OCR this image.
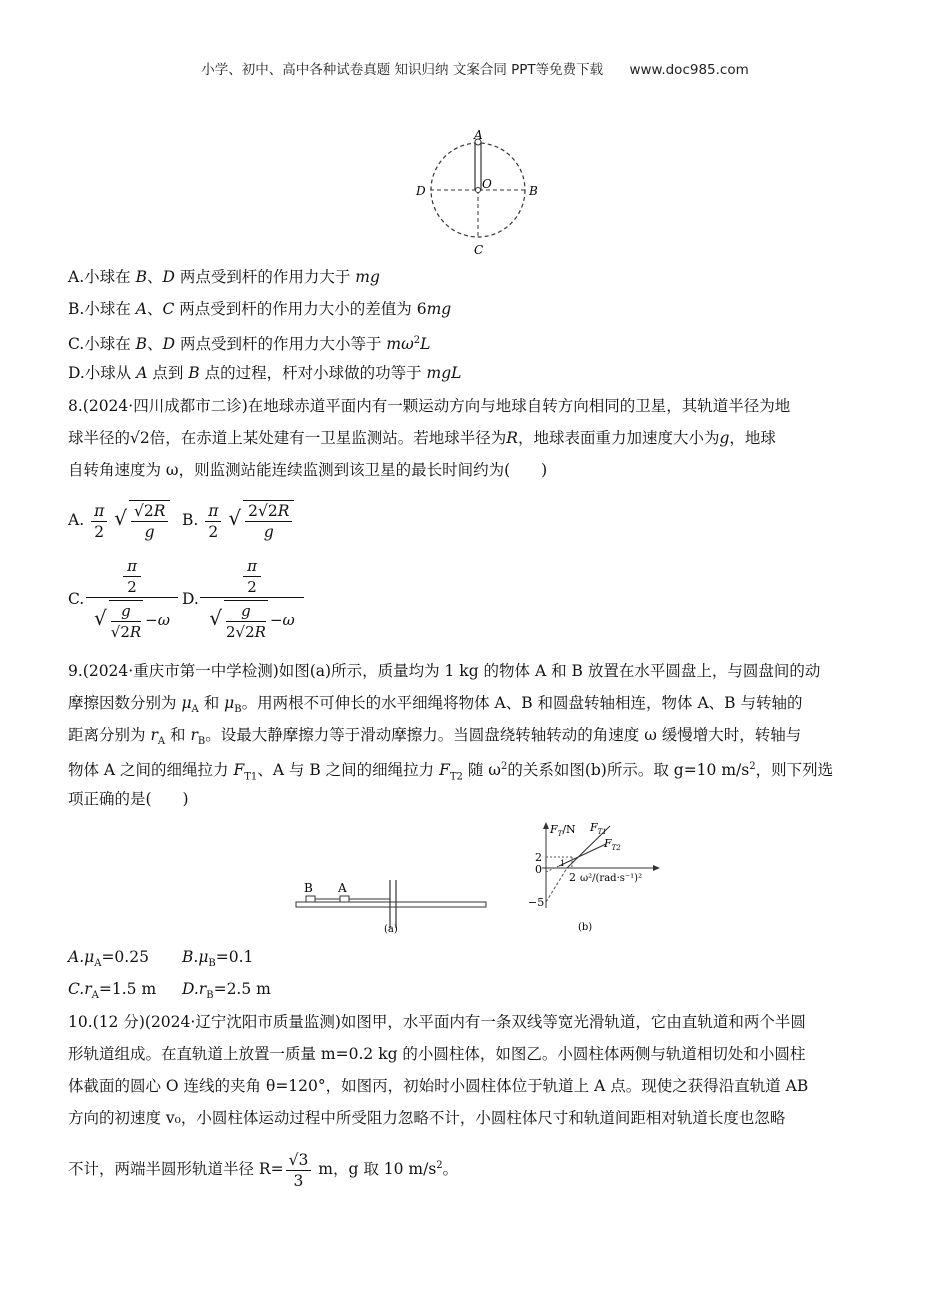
小学、初中、高中各种试卷真题 知识归纳 文案合同 PPT等免费下载 www.doc985.com
A
O	B
C
D
A.小球在 B、D 两点受到杆的作用力大于 mg
B.小球在 A、C 两点受到杆的作用力大小的差值为 6mg
C.小球在 B、D 两点受到杆的作用力大小等于 $m\omega^2L$
D.小球从 A 点到 B 点的过程，杆对小球做的功等于 mgL
8.(2024·四川成都市二诊)在地球赤道平面内有一颗运动方向与地球自转方向相同的卫星，其轨道半径为地
球半径的√2倍，在赤道上某处建有一卫星监测站。若地球半径为R，地球表面重力加速度大小为g，地球
自转角速度为 ω，则监测站能连续监测到该卫星的最长时间约为(　　)
A. $\frac{\pi}{2}$ √ $\frac{√2R}{g} B$. $\frac{\pi}{2}$ √ $\frac{2√2R}{g}$
C.
π
2
√ $\frac{g}{√2R} -\omega$
D.
π
2
√ $\frac{g}{2√2R} -\omega$
9.(2024·重庆市第一中学检测)如图(a)所示，质量均为 1 kg 的物体 A 和 B 放置在水平圆盘上，与圆盘间的动
摩擦因数分别为 $\mu_A$ 和 $\mu_B$。用两根不可伸长的水平细绳将物体 A、B 和圆盘转轴相连，物体 A、B 与转轴的
距离分别为 $r_A$ 和 $r_B$。设最大静摩擦力等于滑动摩擦力。当圆盘绕转轴转动的角速度 ω 缓慢增大时，转轴与
物体 A 之间的细绳拉力 $F_{T1}$、A 与 B 之间的细绳拉力 $F_{T2}$ 随 $\omega^2$的关系如图(b)所示。取 g=10 $m/s^2$，则下列选
项正确的是(　　)
B A
(a)
$F_T/N$ $F_{T1}$
$F_{T2}$
2
0 1
2 ω²/(rad·s⁻¹)²
−5
(b)
$A.\mu_A=0.25$ $B.\mu_B=0.1$
$C.r_A=1.5$ m $D.r_B=2.5$ m
10.(12 分)(2024·辽宁沈阳市质量监测)如图甲，水平面内有一条双线等宽光滑轨道，它由直轨道和两个半圆
形轨道组成。在直轨道上放置一质量 m=0.2 kg 的小圆柱体，如图乙。小圆柱体两侧与轨道相切处和小圆柱
体截面的圆心 O 连线的夹角 θ=120°，如图丙，初始时小圆柱体位于轨道上 A 点。现使之获得沿直轨道 AB
方向的初速度 v₀，小圆柱体运动过程中所受阻力忽略不计，小圆柱体尺寸和轨道间距相对轨道长度也忽略
不计，两端半圆形轨道半径 $R= \frac{√3}{3}$ m，g 取 10 $m/s^2$。
